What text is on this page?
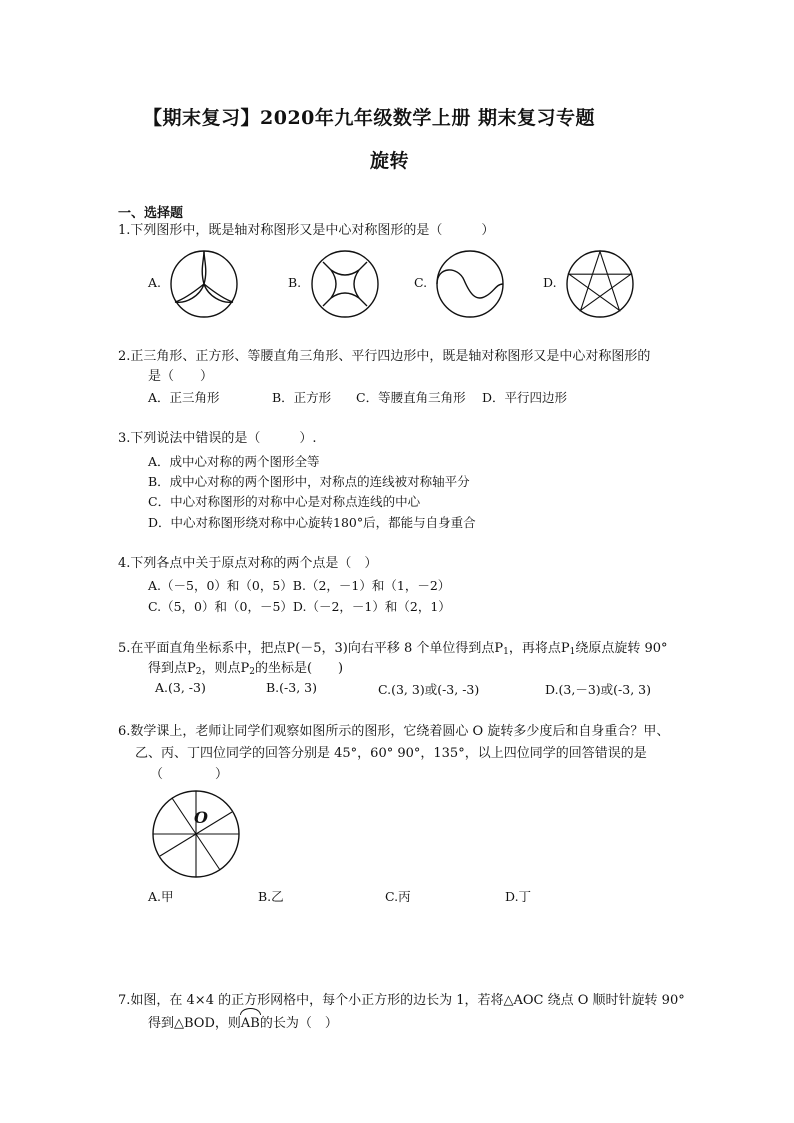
【期末复习】2020年九年级数学上册 期末复习专题
旋转
一、选择题
1.下列图形中，既是轴对称图形又是中心对称图形的是（　　　）
A.	B.	C.	D.
2.正三角形、正方形、等腰直角三角形、平行四边形中，既是轴对称图形又是中心对称图形的
是（　　）
A．正三角形	B．正方形 C．等腰直角三角形 D．平行四边形
3.下列说法中错误的是（　　　）.
A．成中心对称的两个图形全等
B．成中心对称的两个图形中，对称点的连线被对称轴平分
C．中心对称图形的对称中心是对称点连线的中心
D．中心对称图形绕对称中心旋转180°后，都能与自身重合
4.下列各点中关于原点对称的两个点是（　）
A.（－5，0）和（0，5）B.（2，－1）和（1，－2）
C.（5，0）和（0，－5）D.（－2，－1）和（2，1）
5.在平面直角坐标系中，把点P(－5，3)向右平移 8 个单位得到点$P_1$，再将点$P_1$绕原点旋转 90°
得到点$P_2$，则点$P_2$的坐标是(　　)
A.(3, -3)	B.(-3, 3)	C.(3, 3)或(-3, -3)	D.(3,－3)或(-3, 3)
6.数学课上，老师让同学们观察如图所示的图形，它绕着圆心 O 旋转多少度后和自身重合？甲、
乙、丙、丁四位同学的回答分别是 45°，60° 90°，135°，以上四位同学的回答错误的是
（　　　　）
O
A.甲	B.乙	C.丙	D.丁
7.如图，在 4×4 的正方形网格中，每个小正方形的边长为 1，若将△AOC 绕点 O 顺时针旋转 90°
得到△BOD，则AB的长为（　）
